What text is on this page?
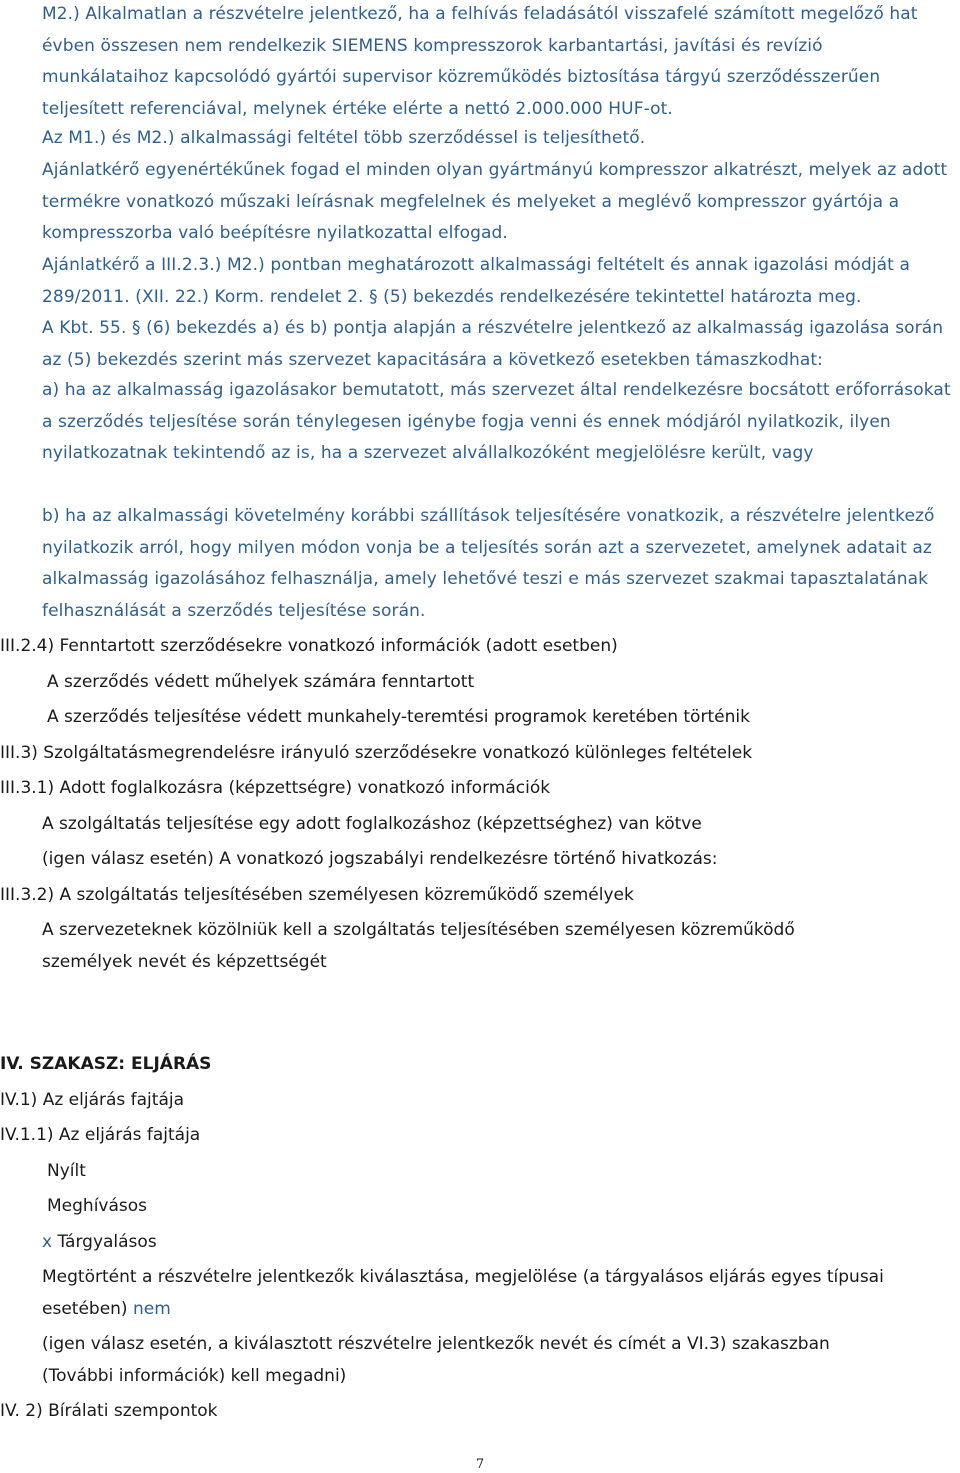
M2.) Alkalmatlan a részvételre jelentkező, ha a felhívás feladásától visszafelé számított megelőző hat évben összesen nem rendelkezik SIEMENS kompresszorok karbantartási, javítási és revízió munkálataihoz kapcsolódó gyártói supervisor közreműködés biztosítása tárgyú szerződésszerűen teljesített referenciával, melynek értéke elérte a nettó 2.000.000 HUF-ot.

Az M1.) és M2.) alkalmassági feltétel több szerződéssel is teljesíthető.

Ajánlatkérő egyenértékűnek fogad el minden olyan gyártmányú kompresszor alkatrészt, melyek az adott termékre vonatkozó műszaki leírásnak megfelelnek és melyeket a meglévő kompresszor gyártója a kompresszorba való beépítésre nyilatkozattal elfogad.

Ajánlatkérő a III.2.3.) M2.) pontban meghatározott alkalmassági feltételt és annak igazolási módját a 289/2011. (XII. 22.) Korm. rendelet 2. § (5) bekezdés rendelkezésére tekintettel határozta meg.

A Kbt. 55. § (6) bekezdés a) és b) pontja alapján a részvételre jelentkező az alkalmasság igazolása során az (5) bekezdés szerint más szervezet kapacitására a következő esetekben támaszkodhat:

a) ha az alkalmasság igazolásakor bemutatott, más szervezet által rendelkezésre bocsátott erőforrásokat a szerződés teljesítése során ténylegesen igénybe fogja venni és ennek módjáról nyilatkozik, ilyen nyilatkozatnak tekintendő az is, ha a szervezet alvállalkozóként megjelölésre került, vagy

b) ha az alkalmassági követelmény korábbi szállítások teljesítésére vonatkozik, a részvételre jelentkező nyilatkozik arról, hogy milyen módon vonja be a teljesítés során azt a szervezetet, amelynek adatait az alkalmasság igazolásához felhasználja, amely lehetővé teszi e más szervezet szakmai tapasztalatának felhasználását a szerződés teljesítése során.

III.2.4) Fenntartott szerződésekre vonatkozó információk (adott esetben)

A szerződés védett műhelyek számára fenntartott

A szerződés teljesítése védett munkahely-teremtési programok keretében történik

III.3) Szolgáltatásmegrendelésre irányuló szerződésekre vonatkozó különleges feltételek

III.3.1) Adott foglalkozásra (képzettségre) vonatkozó információk

A szolgáltatás teljesítése egy adott foglalkozáshoz (képzettséghez) van kötve

(igen válasz esetén) A vonatkozó jogszabályi rendelkezésre történő hivatkozás:

III.3.2) A szolgáltatás teljesítésében személyesen közreműködő személyek

A szervezeteknek közölniük kell a szolgáltatás teljesítésében személyesen közreműködő

személyek nevét és képzettségét

IV. SZAKASZ: ELJÁRÁS

IV.1) Az eljárás fajtája

IV.1.1) Az eljárás fajtája

Nyílt

Meghívásos

x Tárgyalásos

Megtörtént a részvételre jelentkezők kiválasztása, megjelölése (a tárgyalásos eljárás egyes típusai

esetében) nem

(igen válasz esetén, a kiválasztott részvételre jelentkezők nevét és címét a VI.3) szakaszban

(További információk) kell megadni)

IV. 2) Bírálati szempontok

7
